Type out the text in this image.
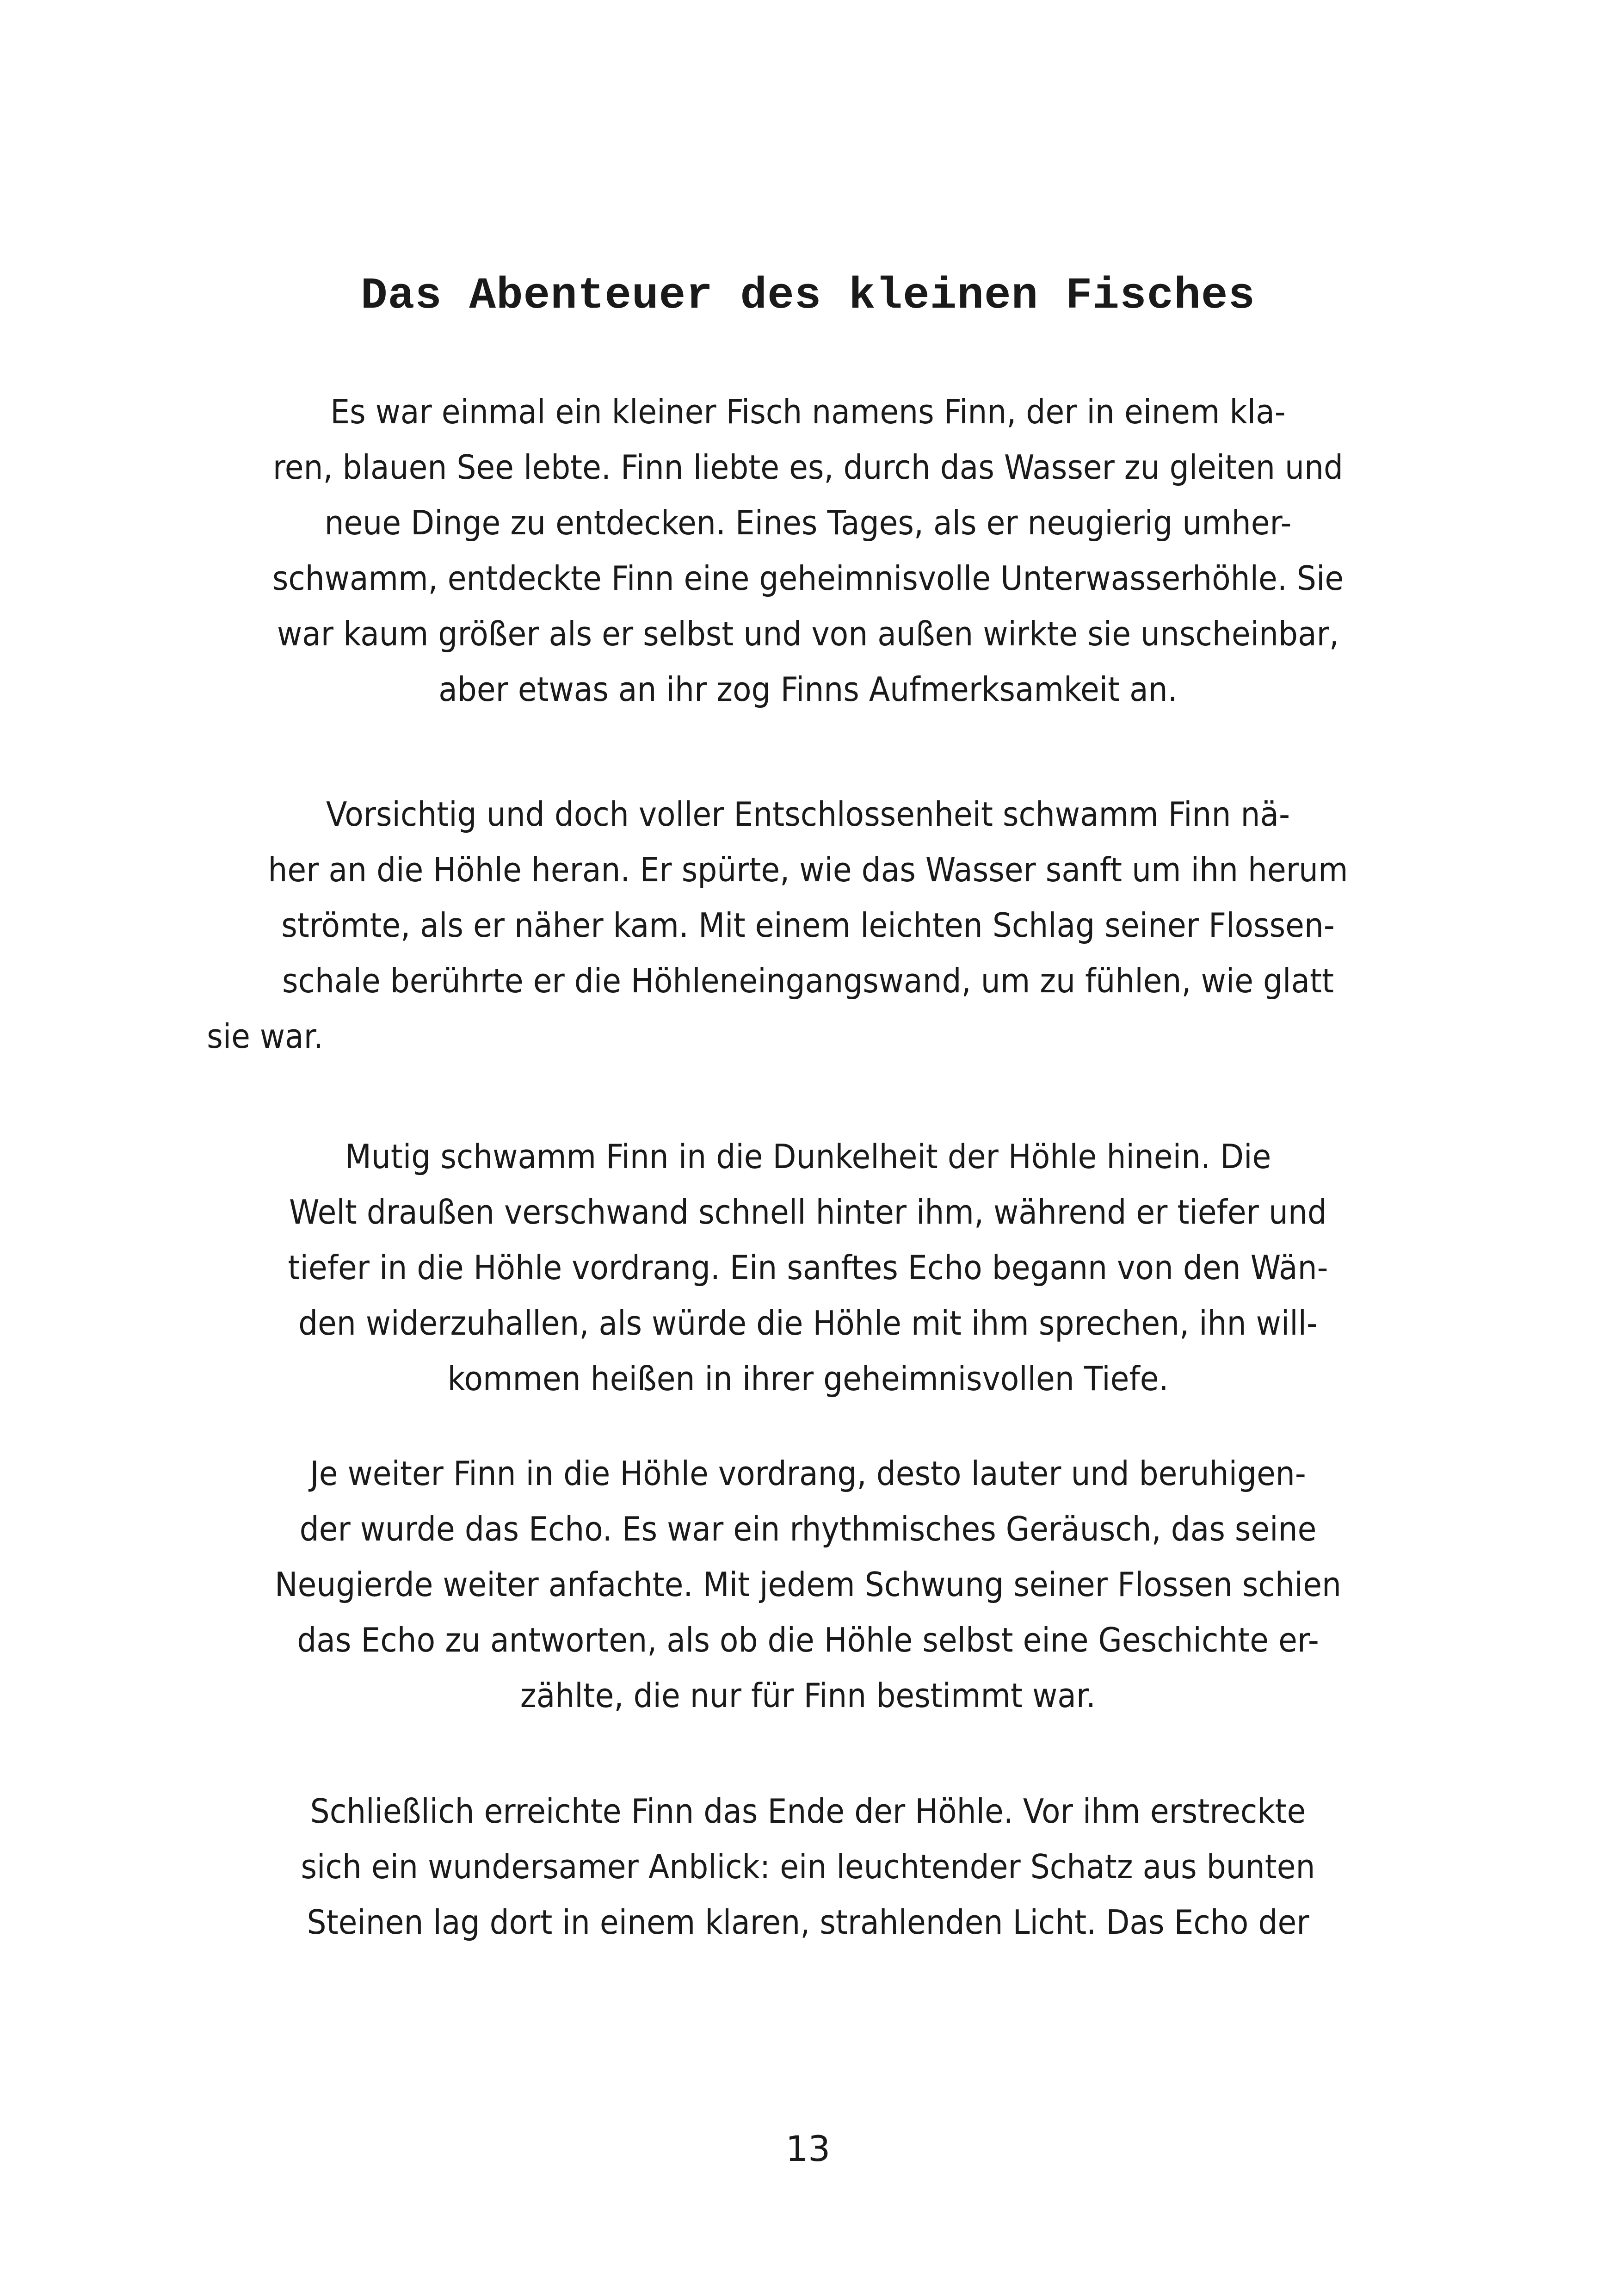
Das Abenteuer des kleinen Fisches

Es war einmal ein kleiner Fisch namens Finn, der in einem kla-
ren, blauen See lebte. Finn liebte es, durch das Wasser zu gleiten und
neue Dinge zu entdecken. Eines Tages, als er neugierig umher-
schwamm, entdeckte Finn eine geheimnisvolle Unterwasserhöhle. Sie
war kaum größer als er selbst und von außen wirkte sie unscheinbar,
aber etwas an ihr zog Finns Aufmerksamkeit an.

Vorsichtig und doch voller Entschlossenheit schwamm Finn nä-
her an die Höhle heran. Er spürte, wie das Wasser sanft um ihn herum
strömte, als er näher kam. Mit einem leichten Schlag seiner Flossen-
schale berührte er die Höhleneingangswand, um zu fühlen, wie glatt
sie war.

Mutig schwamm Finn in die Dunkelheit der Höhle hinein. Die
Welt draußen verschwand schnell hinter ihm, während er tiefer und
tiefer in die Höhle vordrang. Ein sanftes Echo begann von den Wän-
den widerzuhallen, als würde die Höhle mit ihm sprechen, ihn will-
kommen heißen in ihrer geheimnisvollen Tiefe.

Je weiter Finn in die Höhle vordrang, desto lauter und beruhigen-
der wurde das Echo. Es war ein rhythmisches Geräusch, das seine
Neugierde weiter anfachte. Mit jedem Schwung seiner Flossen schien
das Echo zu antworten, als ob die Höhle selbst eine Geschichte er-
zählte, die nur für Finn bestimmt war.

Schließlich erreichte Finn das Ende der Höhle. Vor ihm erstreckte
sich ein wundersamer Anblick: ein leuchtender Schatz aus bunten
Steinen lag dort in einem klaren, strahlenden Licht. Das Echo der

13
